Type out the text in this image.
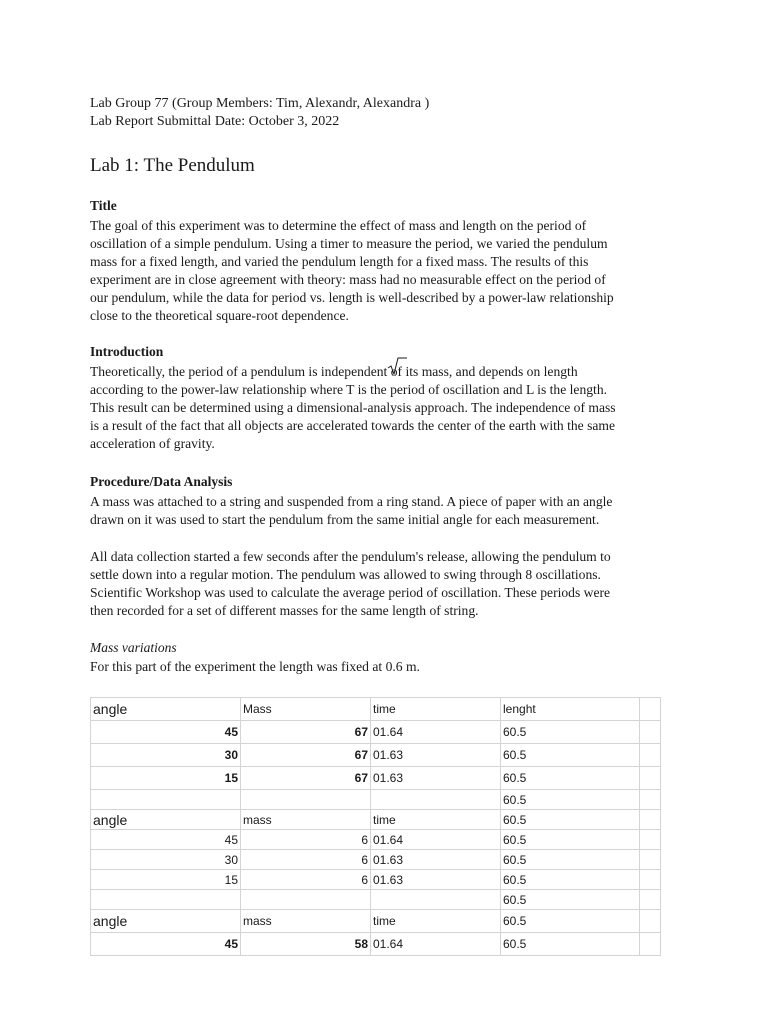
Lab Group 77 (Group Members: Tim, Alexandr, Alexandra )
Lab Report Submittal Date: October 3, 2022
Lab 1: The Pendulum
Title
The goal of this experiment was to determine the effect of mass and length on the period of
oscillation of a simple pendulum. Using a timer to measure the period, we varied the pendulum
mass for a fixed length, and varied the pendulum length for a fixed mass. The results of this
experiment are in close agreement with theory: mass had no measurable effect on the period of
our pendulum, while the data for period vs. length is well-described by a power-law relationship
close to the theoretical square-root dependence.
Introduction
Theoretically, the period of a pendulum is independent of its mass, and depends on length
according to the power-law relationship where T is the period of oscillation and L is the length.
This result can be determined using a dimensional-analysis approach. The independence of mass
is a result of the fact that all objects are accelerated towards the center of the earth with the same
acceleration of gravity.
Procedure/Data Analysis
A mass was attached to a string and suspended from a ring stand. A piece of paper with an angle
drawn on it was used to start the pendulum from the same initial angle for each measurement.
All data collection started a few seconds after the pendulum's release, allowing the pendulum to
settle down into a regular motion. The pendulum was allowed to swing through 8 oscillations.
Scientific Workshop was used to calculate the average period of oscillation. These periods were
then recorded for a set of different masses for the same length of string.
Mass variations
For this part of the experiment the length was fixed at 0.6 m.
angle	Mass	time	lenght	
45	67	01.64	60.5	
30	67	01.63	60.5	
15	67	01.63	60.5	
			60.5	
angle	mass	time	60.5	
45	6	01.64	60.5	
30	6	01.63	60.5	
15	6	01.63	60.5	
			60.5	
angle	mass	time	60.5	
45	58	01.64	60.5	
